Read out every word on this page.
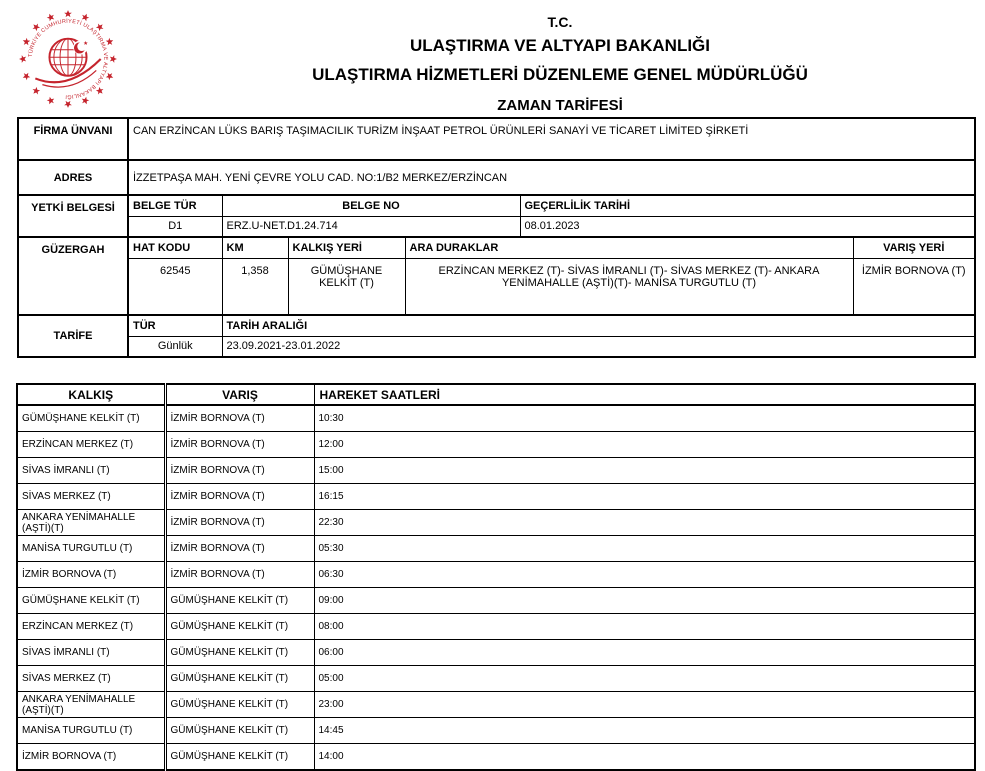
TÜRKİYE CUMHURİYETİ ULAŞTIRMA VE ALTYAPI BAKANLIĞI
T.C.
ULAŞTIRMA VE ALTYAPI BAKANLIĞI
ULAŞTIRMA HİZMETLERİ DÜZENLEME GENEL MÜDÜRLÜĞÜ
ZAMAN TARİFESİ
FİRMA ÜNVANI	CAN ERZİNCAN LÜKS BARIŞ TAŞIMACILIK TURİZM İNŞAAT PETROL ÜRÜNLERİ SANAYİ VE TİCARET LİMİTED ŞİRKETİ					
ADRES	İZZETPAŞA MAH. YENİ ÇEVRE YOLU CAD. NO:1/B2 MERKEZ/ERZİNCAN					
YETKİ BELGESİ	BELGE TÜR	BELGE NO			GEÇERLİLİK TARİHİ	
	D1	ERZ.U-NET.D1.24.714			08.01.2023	
GÜZERGAH	HAT KODU	KM	KALKIŞ YERİ	ARA DURAKLAR		VARIŞ YERİ
	62545	1,358	GÜMÜŞHANE KELKİT (T)	ERZİNCAN MERKEZ (T)- SİVAS İMRANLI (T)- SİVAS MERKEZ (T)- ANKARA YENİMAHALLE (AŞTİ)(T)- MANİSA TURGUTLU (T)		İZMİR BORNOVA (T)
TARİFE	TÜR	TARİH ARALIĞI				
	Günlük	23.09.2021-23.01.2022				
KALKIŞ	VARIŞ	HAREKET SAATLERİ
GÜMÜŞHANE KELKİT (T)	İZMİR BORNOVA (T)	10:30
ERZİNCAN MERKEZ (T)	İZMİR BORNOVA (T)	12:00
SİVAS İMRANLI (T)	İZMİR BORNOVA (T)	15:00
SİVAS MERKEZ (T)	İZMİR BORNOVA (T)	16:15
ANKARA YENİMAHALLE (AŞTİ)(T)	İZMİR BORNOVA (T)	22:30
MANİSA TURGUTLU (T)	İZMİR BORNOVA (T)	05:30
İZMİR BORNOVA (T)	İZMİR BORNOVA (T)	06:30
GÜMÜŞHANE KELKİT (T)	GÜMÜŞHANE KELKİT (T)	09:00
ERZİNCAN MERKEZ (T)	GÜMÜŞHANE KELKİT (T)	08:00
SİVAS İMRANLI (T)	GÜMÜŞHANE KELKİT (T)	06:00
SİVAS MERKEZ (T)	GÜMÜŞHANE KELKİT (T)	05:00
ANKARA YENİMAHALLE (AŞTİ)(T)	GÜMÜŞHANE KELKİT (T)	23:00
MANİSA TURGUTLU (T)	GÜMÜŞHANE KELKİT (T)	14:45
İZMİR BORNOVA (T)	GÜMÜŞHANE KELKİT (T)	14:00
